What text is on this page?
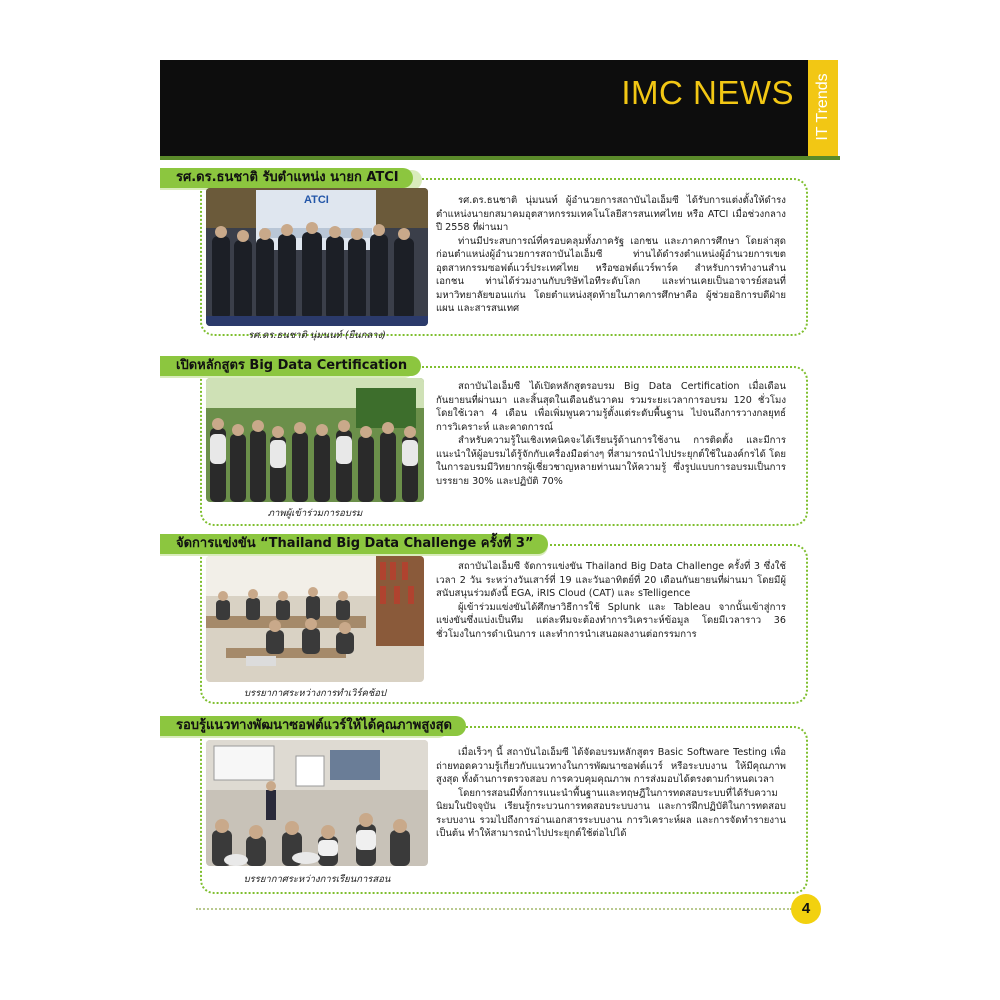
IMC NEWS IT Trends
รศ.ดร.ธนชาติ รับตำแหน่ง นายก ATCI
ATCI
รศ.ดร.ธนชาติ นุ่มนนท์ (ยืนกลาง)

รศ.ดร.ธนชาติ นุ่มนนท์ ผู้อำนวยการสถาบันไอเอ็มซี ได้รับการแต่งตั้งให้ดำรงตำแหน่งนายกสมาคมอุตสาหกรรมเทคโนโลยีสารสนเทศไทย หรือ ATCI เมื่อช่วงกลางปี 2558 ที่ผ่านมา

ท่านมีประสบการณ์ที่ครอบคลุมทั้งภาครัฐ เอกชน และภาคการศึกษา โดยล่าสุดก่อนตำแหน่งผู้อำนวยการสถาบันไอเอ็มซี ท่านได้ดำรงตำแหน่งผู้อำนวยการเขตอุตสาหกรรมซอฟต์แวร์ประเทศไทย หรือซอฟต์แวร์พาร์ค สำหรับการทำงานสำนเอกชน ท่านได้ร่วมงานกับบริษัทไอทีระดับโลก และท่านเคยเป็นอาจารย์สอนที่มหาวิทยาลัยขอนแก่น โดยตำแหน่งสุดท้ายในภาคการศึกษาคือ ผู้ช่วยอธิการบดีฝ่ายแผน และสารสนเทศ

เปิดหลักสูตร Big Data Certification
ภาพผู้เข้าร่วมการอบรม

สถาบันไอเอ็มซี ได้เปิดหลักสูตรอบรม Big Data Certification เมื่อเดือนกันยายนที่ผ่านมา และสิ้นสุดในเดือนธันวาคม รวมระยะเวลาการอบรม 120 ชั่วโมง โดยใช้เวลา 4 เดือน เพื่อเพิ่มพูนความรู้ตั้งแต่ระดับพื้นฐาน ไปจนถึงการวางกลยุทธ์ การวิเคราะห์ และคาดการณ์

สำหรับความรู้ในเชิงเทคนิคจะได้เรียนรู้ด้านการใช้งาน การติดตั้ง และมีการแนะนำให้ผู้อบรมได้รู้จักกับเครื่องมือต่างๆ ที่สามารถนำไปประยุกต์ใช้ในองค์กรได้ โดยในการอบรมมีวิทยากรผู้เชี่ยวชาญหลายท่านมาให้ความรู้ ซึ่งรูปแบบการอบรมเป็นการบรรยาย 30% และปฏิบัติ 70%

จัดการแข่งขัน “Thailand Big Data Challenge ครั้งที่ 3”
บรรยากาศระหว่างการทำเวิร์คช้อป

สถาบันไอเอ็มซี จัดการแข่งขัน Thailand Big Data Challenge ครั้งที่ 3 ซึ่งใช้เวลา 2 วัน ระหว่างวันเสาร์ที่ 19 และวันอาทิตย์ที่ 20 เดือนกันยายนที่ผ่านมา โดยมีผู้สนับสนุนร่วมดังนี้ EGA, iRIS Cloud (CAT) และ sTelligence

ผู้เข้าร่วมแข่งขันได้ศึกษาวิธีการใช้ Splunk และ Tableau จากนั้นเข้าสู่การแข่งขันซึ่งแบ่งเป็นทีม แต่ละทีมจะต้องทำการวิเคราะห์ข้อมูล โดยมีเวลาราว 36 ชั่วโมงในการดำเนินการ และทำการนำเสนอผลงานต่อกรรมการ

รอบรู้แนวทางพัฒนาซอฟต์แวร์ให้ได้คุณภาพสูงสุด
บรรยากาศระหว่างการเรียนการสอน

เมื่อเร็วๆ นี้ สถาบันไอเอ็มซี ได้จัดอบรมหลักสูตร Basic Software Testing เพื่อถ่ายทอดความรู้เกี่ยวกับแนวทางในการพัฒนาซอฟต์แวร์ หรือระบบงาน ให้มีคุณภาพสูงสุด ทั้งด้านการตรวจสอบ การควบคุมคุณภาพ การส่งมอบได้ตรงตามกำหนดเวลา

โดยการสอนมีทั้งการแนะนำพื้นฐานและทฤษฎีในการทดสอบระบบที่ได้รับความนิยมในปัจจุบัน เรียนรู้กระบวนการทดสอบระบบงาน และการฝึกปฏิบัติในการทดสอบระบบงาน รวมไปถึงการอ่านเอกสารระบบงาน การวิเคราะห์ผล และการจัดทำรายงาน เป็นต้น ทำให้สามารถนำไปประยุกต์ใช้ต่อไปได้

4
